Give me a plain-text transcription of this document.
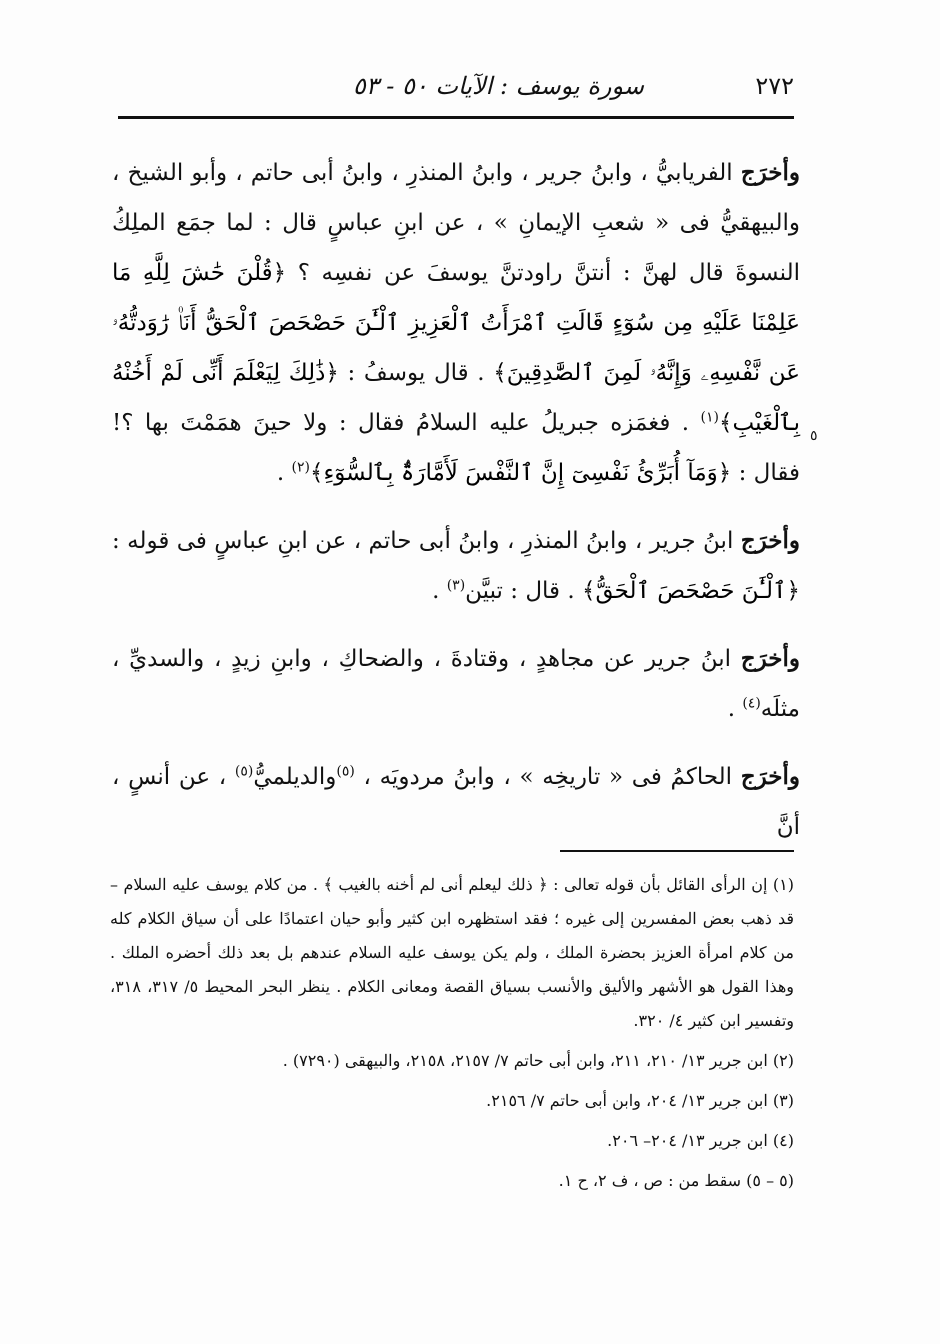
٢٧٢
سورة يوسف : الآيات ٥٠ - ٥٣
٥

وأخرَج الفريابيُّ ، وابنُ جرير ، وابنُ المنذرِ ، وابنُ أبى حاتم ، وأبو الشيخ ، والبيهقيُّ فى « شعبِ الإيمانِ » ، عن ابنِ عباسٍ قال : لما جمَع الملِكُ النسوةَ قال لهنَّ : أنتنَّ راودتنَّ يوسفَ عن نفسِه ؟ ﴿قُلْنَ حَٰشَ لِلَّهِ مَا عَلِمْنَا عَلَيْهِ مِن سُوٓءٍ قَالَتِ ٱمْرَأَتُ ٱلْعَزِيزِ ٱلْـَٰٔنَ حَصْحَصَ ٱلْحَقُّ أَنَا۠ رَٰوَدتُّهُۥ عَن نَّفْسِهِۦ وَإِنَّهُۥ لَمِنَ ٱلصَّٰدِقِينَ﴾ . قال يوسفُ : ﴿ذَٰلِكَ لِيَعْلَمَ أَنِّى لَمْ أَخُنْهُ بِٱلْغَيْبِ﴾$^{(١)}$ . فغمَزه جبريلُ عليه السلامُ فقال : ولا حينَ همَمْتَ بها ؟! فقال : ﴿وَمَآ أُبَرِّئُ نَفْسِىٓ إِنَّ ٱلنَّفْسَ لَأَمَّارَةٌۢ بِٱلسُّوٓءِ﴾$^{(٢)}$ .

وأخرَج ابنُ جرير ، وابنُ المنذرِ ، وابنُ أبى حاتم ، عن ابنِ عباسٍ فى قوله : ﴿ٱلْـَٰٔنَ حَصْحَصَ ٱلْحَقُّ﴾ . قال : تبيَّن$^{(٣)}$ .

وأخرَج ابنُ جرير عن مجاهدٍ ، وقتادةَ ، والضحاكِ ، وابنِ زيدٍ ، والسديِّ ، مثلَه$^{(٤)}$ .

وأخرَج الحاكمُ فى « تاريخِه » ، وابنُ مردويَه ، $^{(٥)}$والديلميُّ$^{(٥)}$ ، عن أنسٍ ، أنَّ

(١) إن الرأى القائل بأن قوله تعالى : ﴿ ذلك ليعلم أنى لم أخنه بالغيب ﴾ . من كلام يوسف عليه السلام – قد ذهب بعض المفسرين إلى غيره ؛ فقد استظهره ابن كثير وأبو حيان اعتمادًا على أن سياق الكلام كله من كلام امرأة العزيز بحضرة الملك ، ولم يكن يوسف عليه السلام عندهم بل بعد ذلك أحضره الملك . وهذا القول هو الأشهر والأليق والأنسب بسياق القصة ومعانى الكلام . ينظر البحر المحيط ٥/ ٣١٧، ٣١٨، وتفسير ابن كثير ٤/ ٣٢٠.

(٢) ابن جرير ١٣/ ٢١٠، ٢١١، وابن أبى حاتم ٧/ ٢١٥٧، ٢١٥٨، والبيهقى (٧٢٩٠) .

(٣) ابن جرير ١٣/ ٢٠٤، وابن أبى حاتم ٧/ ٢١٥٦.

(٤) ابن جرير ١٣/ ٢٠٤– ٢٠٦.

(٥ – ٥) سقط من : ص ، ف ٢، ح ١.
